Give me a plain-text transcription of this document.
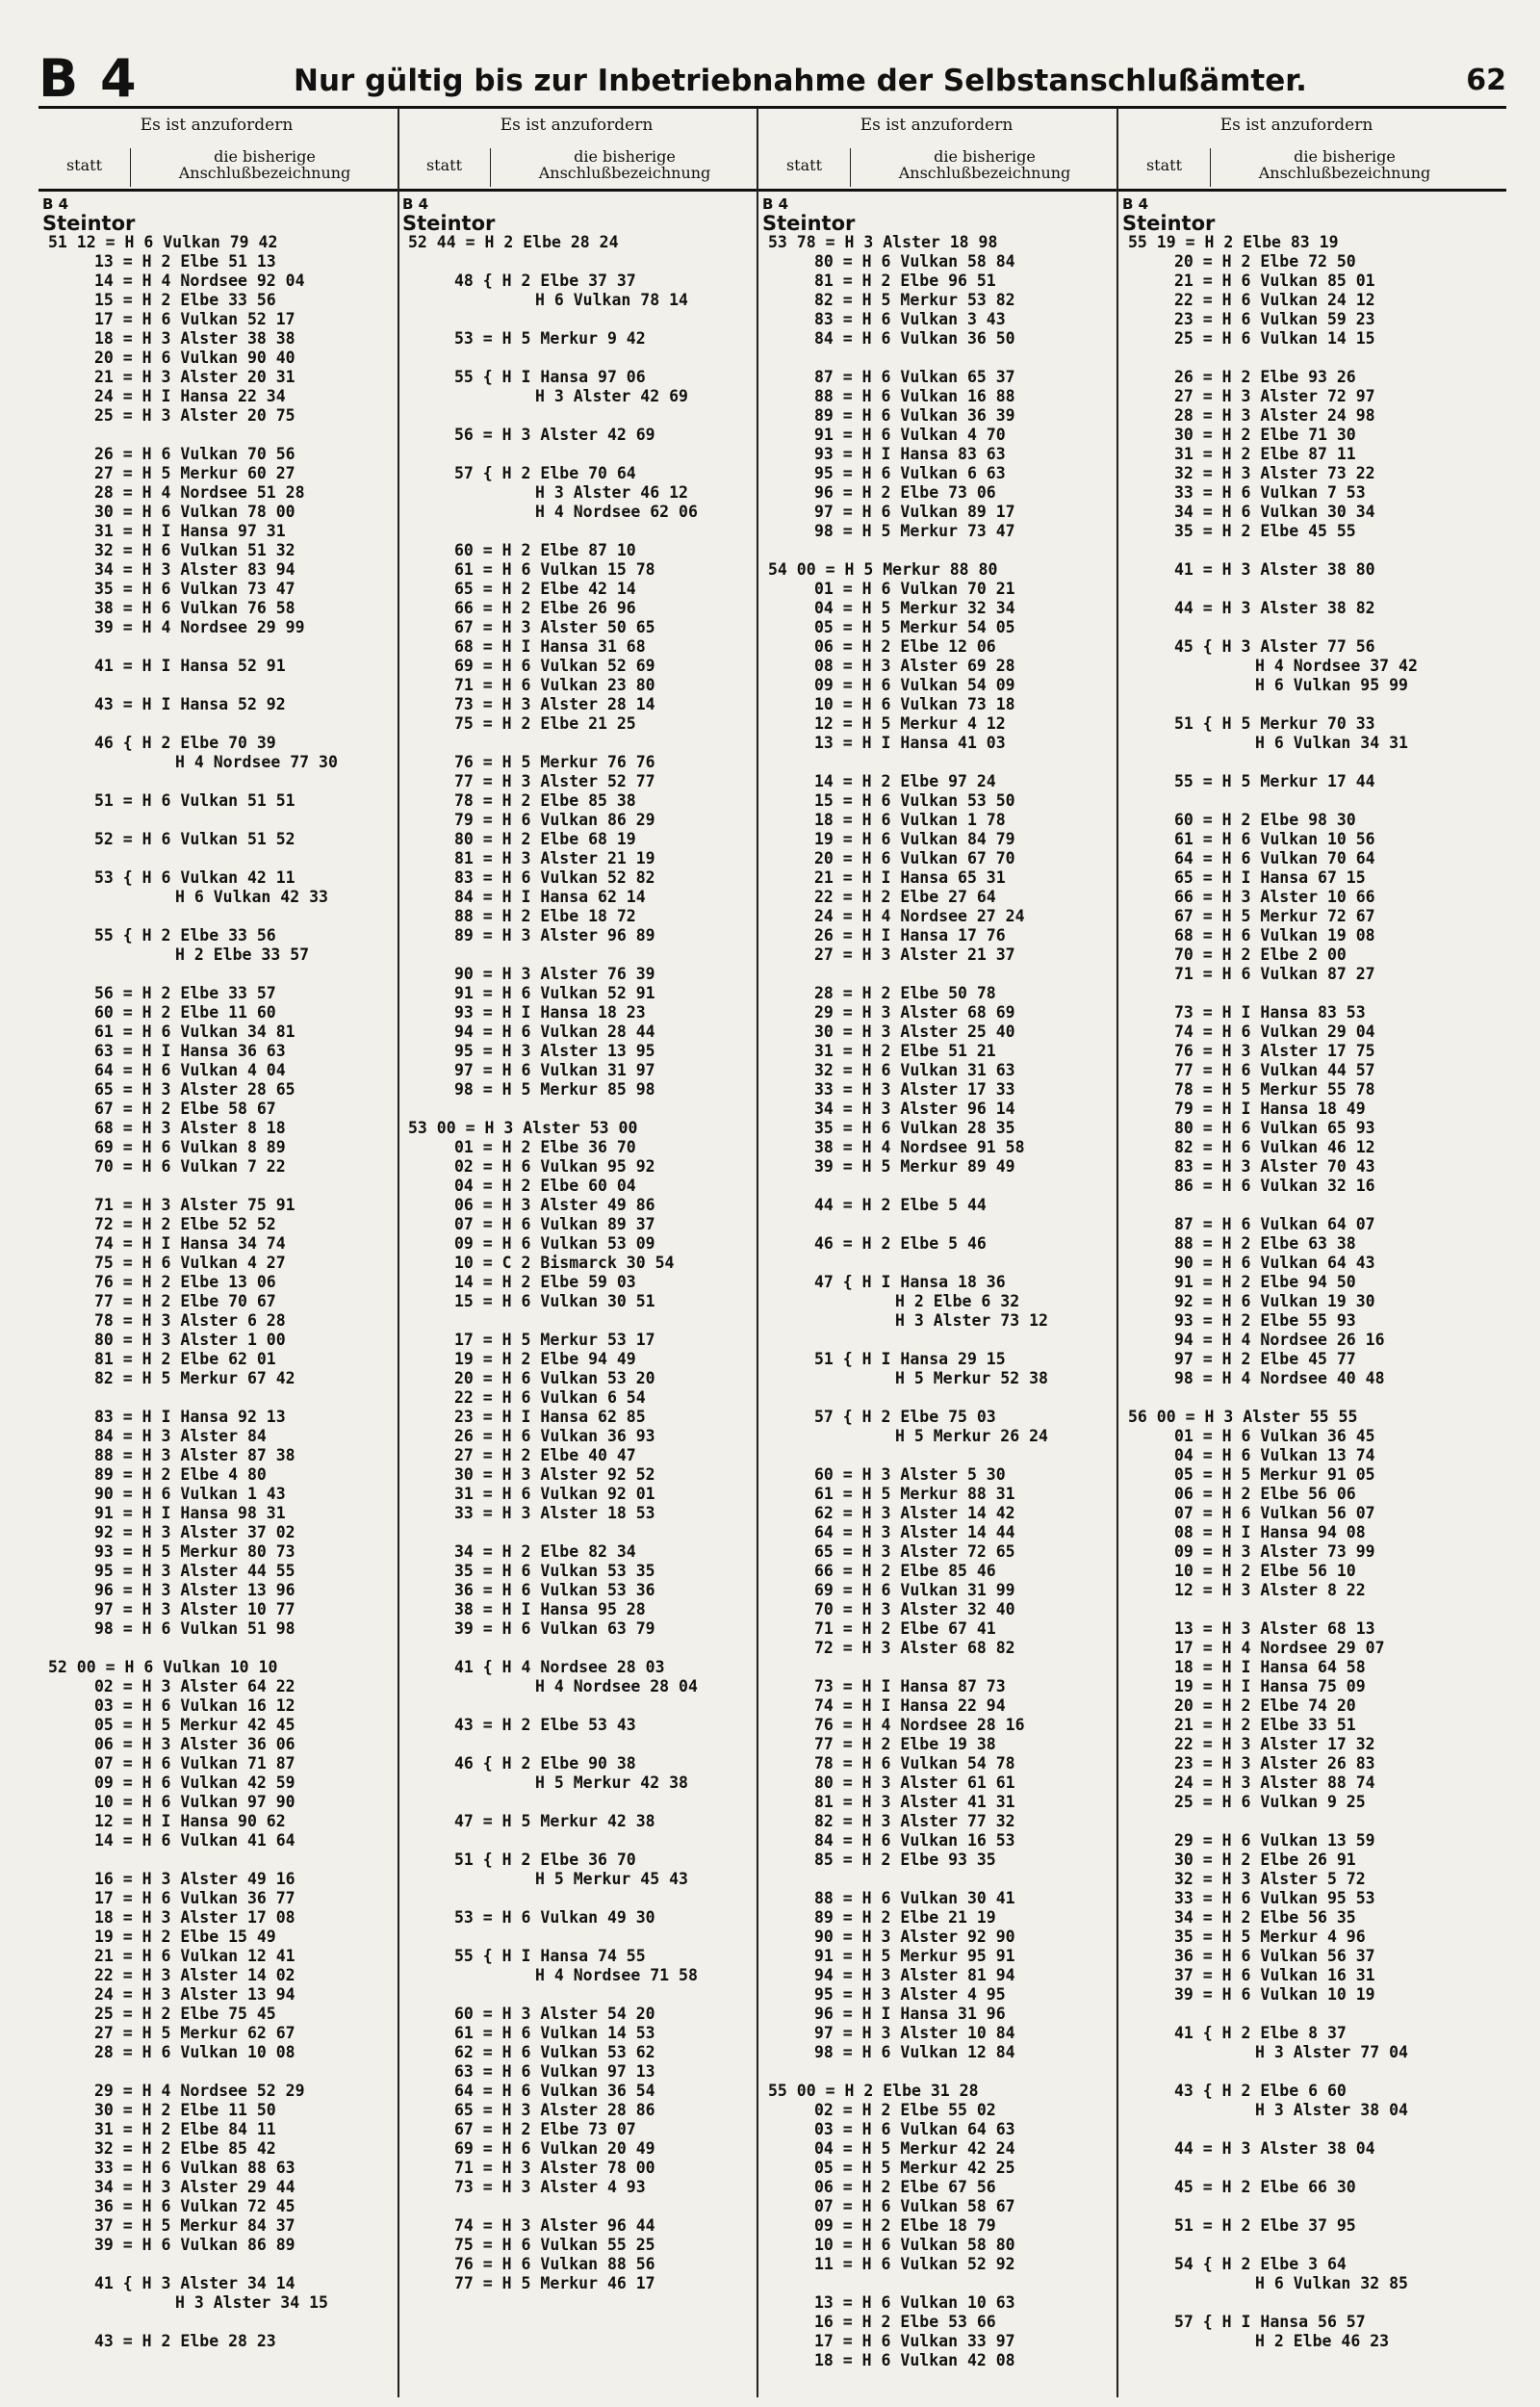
B 4	Nur gültig bis zur Inbetriebnahme der Selbstanschlußämter.	62
Es ist anzufordern
statt	die bisherige
Anschlußbezeichnung
B 4
Steintor
51 12 = H 6 Vulkan 79 42
13 = H 2 Elbe 51 13
14 = H 4 Nordsee 92 04
15 = H 2 Elbe 33 56
17 = H 6 Vulkan 52 17
18 = H 3 Alster 38 38
20 = H 6 Vulkan 90 40
21 = H 3 Alster 20 31
24 = H I Hansa 22 34
25 = H 3 Alster 20 75
26 = H 6 Vulkan 70 56
27 = H 5 Merkur 60 27
28 = H 4 Nordsee 51 28
30 = H 6 Vulkan 78 00
31 = H I Hansa 97 31
32 = H 6 Vulkan 51 32
34 = H 3 Alster 83 94
35 = H 6 Vulkan 73 47
38 = H 6 Vulkan 76 58
39 = H 4 Nordsee 29 99
41 = H I Hansa 52 91
43 = H I Hansa 52 92
46 { H 2 Elbe 70 39
H 4 Nordsee 77 30
51 = H 6 Vulkan 51 51
52 = H 6 Vulkan 51 52
53 { H 6 Vulkan 42 11
H 6 Vulkan 42 33
55 { H 2 Elbe 33 56
H 2 Elbe 33 57
56 = H 2 Elbe 33 57
60 = H 2 Elbe 11 60
61 = H 6 Vulkan 34 81
63 = H I Hansa 36 63
64 = H 6 Vulkan 4 04
65 = H 3 Alster 28 65
67 = H 2 Elbe 58 67
68 = H 3 Alster 8 18
69 = H 6 Vulkan 8 89
70 = H 6 Vulkan 7 22
71 = H 3 Alster 75 91
72 = H 2 Elbe 52 52
74 = H I Hansa 34 74
75 = H 6 Vulkan 4 27
76 = H 2 Elbe 13 06
77 = H 2 Elbe 70 67
78 = H 3 Alster 6 28
80 = H 3 Alster 1 00
81 = H 2 Elbe 62 01
82 = H 5 Merkur 67 42
83 = H I Hansa 92 13
84 = H 3 Alster 84
88 = H 3 Alster 87 38
89 = H 2 Elbe 4 80
90 = H 6 Vulkan 1 43
91 = H I Hansa 98 31
92 = H 3 Alster 37 02
93 = H 5 Merkur 80 73
95 = H 3 Alster 44 55
96 = H 3 Alster 13 96
97 = H 3 Alster 10 77
98 = H 6 Vulkan 51 98
52 00 = H 6 Vulkan 10 10
02 = H 3 Alster 64 22
03 = H 6 Vulkan 16 12
05 = H 5 Merkur 42 45
06 = H 3 Alster 36 06
07 = H 6 Vulkan 71 87
09 = H 6 Vulkan 42 59
10 = H 6 Vulkan 97 90
12 = H I Hansa 90 62
14 = H 6 Vulkan 41 64
16 = H 3 Alster 49 16
17 = H 6 Vulkan 36 77
18 = H 3 Alster 17 08
19 = H 2 Elbe 15 49
21 = H 6 Vulkan 12 41
22 = H 3 Alster 14 02
24 = H 3 Alster 13 94
25 = H 2 Elbe 75 45
27 = H 5 Merkur 62 67
28 = H 6 Vulkan 10 08
29 = H 4 Nordsee 52 29
30 = H 2 Elbe 11 50
31 = H 2 Elbe 84 11
32 = H 2 Elbe 85 42
33 = H 6 Vulkan 88 63
34 = H 3 Alster 29 44
36 = H 6 Vulkan 72 45
37 = H 5 Merkur 84 37
39 = H 6 Vulkan 86 89
41 { H 3 Alster 34 14
H 3 Alster 34 15
43 = H 2 Elbe 28 23
Es ist anzufordern
statt	die bisherige
Anschlußbezeichnung
B 4
Steintor
52 44 = H 2 Elbe 28 24
48 { H 2 Elbe 37 37
H 6 Vulkan 78 14
53 = H 5 Merkur 9 42
55 { H I Hansa 97 06
H 3 Alster 42 69
56 = H 3 Alster 42 69
57 { H 2 Elbe 70 64
H 3 Alster 46 12
H 4 Nordsee 62 06
60 = H 2 Elbe 87 10
61 = H 6 Vulkan 15 78
65 = H 2 Elbe 42 14
66 = H 2 Elbe 26 96
67 = H 3 Alster 50 65
68 = H I Hansa 31 68
69 = H 6 Vulkan 52 69
71 = H 6 Vulkan 23 80
73 = H 3 Alster 28 14
75 = H 2 Elbe 21 25
76 = H 5 Merkur 76 76
77 = H 3 Alster 52 77
78 = H 2 Elbe 85 38
79 = H 6 Vulkan 86 29
80 = H 2 Elbe 68 19
81 = H 3 Alster 21 19
83 = H 6 Vulkan 52 82
84 = H I Hansa 62 14
88 = H 2 Elbe 18 72
89 = H 3 Alster 96 89
90 = H 3 Alster 76 39
91 = H 6 Vulkan 52 91
93 = H I Hansa 18 23
94 = H 6 Vulkan 28 44
95 = H 3 Alster 13 95
97 = H 6 Vulkan 31 97
98 = H 5 Merkur 85 98
53 00 = H 3 Alster 53 00
01 = H 2 Elbe 36 70
02 = H 6 Vulkan 95 92
04 = H 2 Elbe 60 04
06 = H 3 Alster 49 86
07 = H 6 Vulkan 89 37
09 = H 6 Vulkan 53 09
10 = C 2 Bismarck 30 54
14 = H 2 Elbe 59 03
15 = H 6 Vulkan 30 51
17 = H 5 Merkur 53 17
19 = H 2 Elbe 94 49
20 = H 6 Vulkan 53 20
22 = H 6 Vulkan 6 54
23 = H I Hansa 62 85
26 = H 6 Vulkan 36 93
27 = H 2 Elbe 40 47
30 = H 3 Alster 92 52
31 = H 6 Vulkan 92 01
33 = H 3 Alster 18 53
34 = H 2 Elbe 82 34
35 = H 6 Vulkan 53 35
36 = H 6 Vulkan 53 36
38 = H I Hansa 95 28
39 = H 6 Vulkan 63 79
41 { H 4 Nordsee 28 03
H 4 Nordsee 28 04
43 = H 2 Elbe 53 43
46 { H 2 Elbe 90 38
H 5 Merkur 42 38
47 = H 5 Merkur 42 38
51 { H 2 Elbe 36 70
H 5 Merkur 45 43
53 = H 6 Vulkan 49 30
55 { H I Hansa 74 55
H 4 Nordsee 71 58
60 = H 3 Alster 54 20
61 = H 6 Vulkan 14 53
62 = H 6 Vulkan 53 62
63 = H 6 Vulkan 97 13
64 = H 6 Vulkan 36 54
65 = H 3 Alster 28 86
67 = H 2 Elbe 73 07
69 = H 6 Vulkan 20 49
71 = H 3 Alster 78 00
73 = H 3 Alster 4 93
74 = H 3 Alster 96 44
75 = H 6 Vulkan 55 25
76 = H 6 Vulkan 88 56
77 = H 5 Merkur 46 17
Es ist anzufordern
statt	die bisherige
Anschlußbezeichnung
B 4
Steintor
53 78 = H 3 Alster 18 98
80 = H 6 Vulkan 58 84
81 = H 2 Elbe 96 51
82 = H 5 Merkur 53 82
83 = H 6 Vulkan 3 43
84 = H 6 Vulkan 36 50
87 = H 6 Vulkan 65 37
88 = H 6 Vulkan 16 88
89 = H 6 Vulkan 36 39
91 = H 6 Vulkan 4 70
93 = H I Hansa 83 63
95 = H 6 Vulkan 6 63
96 = H 2 Elbe 73 06
97 = H 6 Vulkan 89 17
98 = H 5 Merkur 73 47
54 00 = H 5 Merkur 88 80
01 = H 6 Vulkan 70 21
04 = H 5 Merkur 32 34
05 = H 5 Merkur 54 05
06 = H 2 Elbe 12 06
08 = H 3 Alster 69 28
09 = H 6 Vulkan 54 09
10 = H 6 Vulkan 73 18
12 = H 5 Merkur 4 12
13 = H I Hansa 41 03
14 = H 2 Elbe 97 24
15 = H 6 Vulkan 53 50
18 = H 6 Vulkan 1 78
19 = H 6 Vulkan 84 79
20 = H 6 Vulkan 67 70
21 = H I Hansa 65 31
22 = H 2 Elbe 27 64
24 = H 4 Nordsee 27 24
26 = H I Hansa 17 76
27 = H 3 Alster 21 37
28 = H 2 Elbe 50 78
29 = H 3 Alster 68 69
30 = H 3 Alster 25 40
31 = H 2 Elbe 51 21
32 = H 6 Vulkan 31 63
33 = H 3 Alster 17 33
34 = H 3 Alster 96 14
35 = H 6 Vulkan 28 35
38 = H 4 Nordsee 91 58
39 = H 5 Merkur 89 49
44 = H 2 Elbe 5 44
46 = H 2 Elbe 5 46
47 { H I Hansa 18 36
H 2 Elbe 6 32
H 3 Alster 73 12
51 { H I Hansa 29 15
H 5 Merkur 52 38
57 { H 2 Elbe 75 03
H 5 Merkur 26 24
60 = H 3 Alster 5 30
61 = H 5 Merkur 88 31
62 = H 3 Alster 14 42
64 = H 3 Alster 14 44
65 = H 3 Alster 72 65
66 = H 2 Elbe 85 46
69 = H 6 Vulkan 31 99
70 = H 3 Alster 32 40
71 = H 2 Elbe 67 41
72 = H 3 Alster 68 82
73 = H I Hansa 87 73
74 = H I Hansa 22 94
76 = H 4 Nordsee 28 16
77 = H 2 Elbe 19 38
78 = H 6 Vulkan 54 78
80 = H 3 Alster 61 61
81 = H 3 Alster 41 31
82 = H 3 Alster 77 32
84 = H 6 Vulkan 16 53
85 = H 2 Elbe 93 35
88 = H 6 Vulkan 30 41
89 = H 2 Elbe 21 19
90 = H 3 Alster 92 90
91 = H 5 Merkur 95 91
94 = H 3 Alster 81 94
95 = H 3 Alster 4 95
96 = H I Hansa 31 96
97 = H 3 Alster 10 84
98 = H 6 Vulkan 12 84
55 00 = H 2 Elbe 31 28
02 = H 2 Elbe 55 02
03 = H 6 Vulkan 64 63
04 = H 5 Merkur 42 24
05 = H 5 Merkur 42 25
06 = H 2 Elbe 67 56
07 = H 6 Vulkan 58 67
09 = H 2 Elbe 18 79
10 = H 6 Vulkan 58 80
11 = H 6 Vulkan 52 92
13 = H 6 Vulkan 10 63
16 = H 2 Elbe 53 66
17 = H 6 Vulkan 33 97
18 = H 6 Vulkan 42 08
Es ist anzufordern
statt	die bisherige
Anschlußbezeichnung
B 4
Steintor
55 19 = H 2 Elbe 83 19
20 = H 2 Elbe 72 50
21 = H 6 Vulkan 85 01
22 = H 6 Vulkan 24 12
23 = H 6 Vulkan 59 23
25 = H 6 Vulkan 14 15
26 = H 2 Elbe 93 26
27 = H 3 Alster 72 97
28 = H 3 Alster 24 98
30 = H 2 Elbe 71 30
31 = H 2 Elbe 87 11
32 = H 3 Alster 73 22
33 = H 6 Vulkan 7 53
34 = H 6 Vulkan 30 34
35 = H 2 Elbe 45 55
41 = H 3 Alster 38 80
44 = H 3 Alster 38 82
45 { H 3 Alster 77 56
H 4 Nordsee 37 42
H 6 Vulkan 95 99
51 { H 5 Merkur 70 33
H 6 Vulkan 34 31
55 = H 5 Merkur 17 44
60 = H 2 Elbe 98 30
61 = H 6 Vulkan 10 56
64 = H 6 Vulkan 70 64
65 = H I Hansa 67 15
66 = H 3 Alster 10 66
67 = H 5 Merkur 72 67
68 = H 6 Vulkan 19 08
70 = H 2 Elbe 2 00
71 = H 6 Vulkan 87 27
73 = H I Hansa 83 53
74 = H 6 Vulkan 29 04
76 = H 3 Alster 17 75
77 = H 6 Vulkan 44 57
78 = H 5 Merkur 55 78
79 = H I Hansa 18 49
80 = H 6 Vulkan 65 93
82 = H 6 Vulkan 46 12
83 = H 3 Alster 70 43
86 = H 6 Vulkan 32 16
87 = H 6 Vulkan 64 07
88 = H 2 Elbe 63 38
90 = H 6 Vulkan 64 43
91 = H 2 Elbe 94 50
92 = H 6 Vulkan 19 30
93 = H 2 Elbe 55 93
94 = H 4 Nordsee 26 16
97 = H 2 Elbe 45 77
98 = H 4 Nordsee 40 48
56 00 = H 3 Alster 55 55
01 = H 6 Vulkan 36 45
04 = H 6 Vulkan 13 74
05 = H 5 Merkur 91 05
06 = H 2 Elbe 56 06
07 = H 6 Vulkan 56 07
08 = H I Hansa 94 08
09 = H 3 Alster 73 99
10 = H 2 Elbe 56 10
12 = H 3 Alster 8 22
13 = H 3 Alster 68 13
17 = H 4 Nordsee 29 07
18 = H I Hansa 64 58
19 = H I Hansa 75 09
20 = H 2 Elbe 74 20
21 = H 2 Elbe 33 51
22 = H 3 Alster 17 32
23 = H 3 Alster 26 83
24 = H 3 Alster 88 74
25 = H 6 Vulkan 9 25
29 = H 6 Vulkan 13 59
30 = H 2 Elbe 26 91
32 = H 3 Alster 5 72
33 = H 6 Vulkan 95 53
34 = H 2 Elbe 56 35
35 = H 5 Merkur 4 96
36 = H 6 Vulkan 56 37
37 = H 6 Vulkan 16 31
39 = H 6 Vulkan 10 19
41 { H 2 Elbe 8 37
H 3 Alster 77 04
43 { H 2 Elbe 6 60
H 3 Alster 38 04
44 = H 3 Alster 38 04
45 = H 2 Elbe 66 30
51 = H 2 Elbe 37 95
54 { H 2 Elbe 3 64
H 6 Vulkan 32 85
57 { H I Hansa 56 57
H 2 Elbe 46 23
